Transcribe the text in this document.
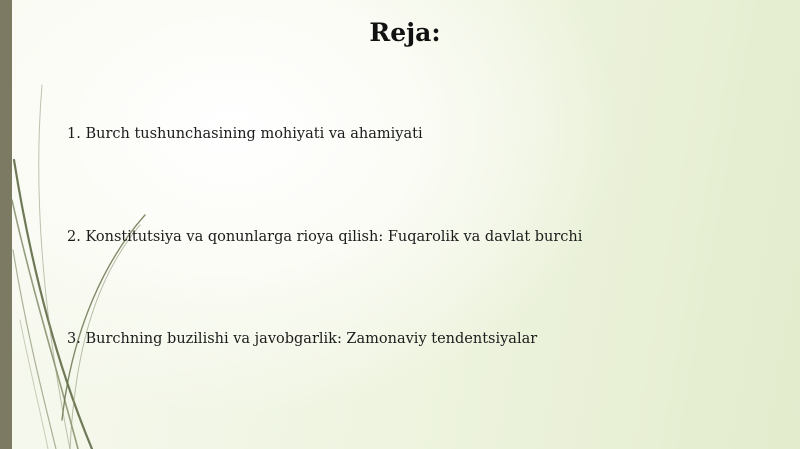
Reja:
1. Burch tushunchasining mohiyati va ahamiyati
2. Konstitutsiya va qonunlarga rioya qilish: Fuqarolik va davlat burchi
3. Burchning buzilishi va javobgarlik: Zamonaviy tendentsiyalar
